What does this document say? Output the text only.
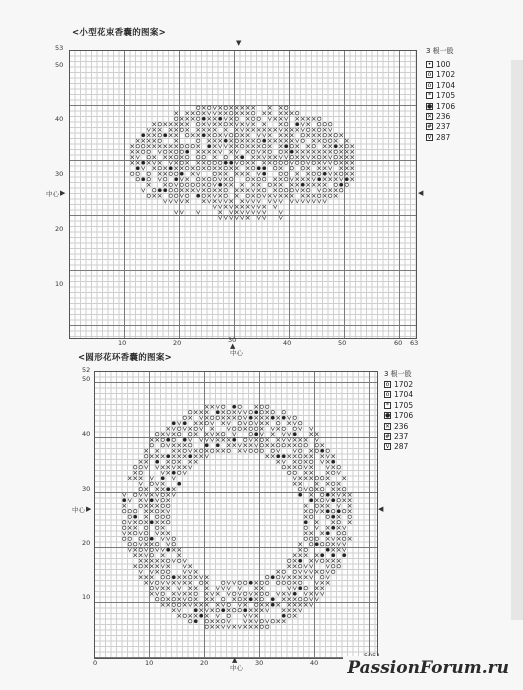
<小型花束香囊的图案>
▼
53
50
40
30
20
10
10	20	40	50	60 63
30
▲
中心
中心 ▶	◀
3 根一股
• 100
o 1702
o 1704
* 1705
● 1706
✕ 236
# 237
V 287
<圆形花环香囊的图案>
52
50
40
30
20
10
0	10	20	30	40
▲
中心
中心 ▶	◀
3 根一股
o 1702
o 1704
* 1705
● 1706
✕ 236
# 237
V 287
PassionForum.ru
